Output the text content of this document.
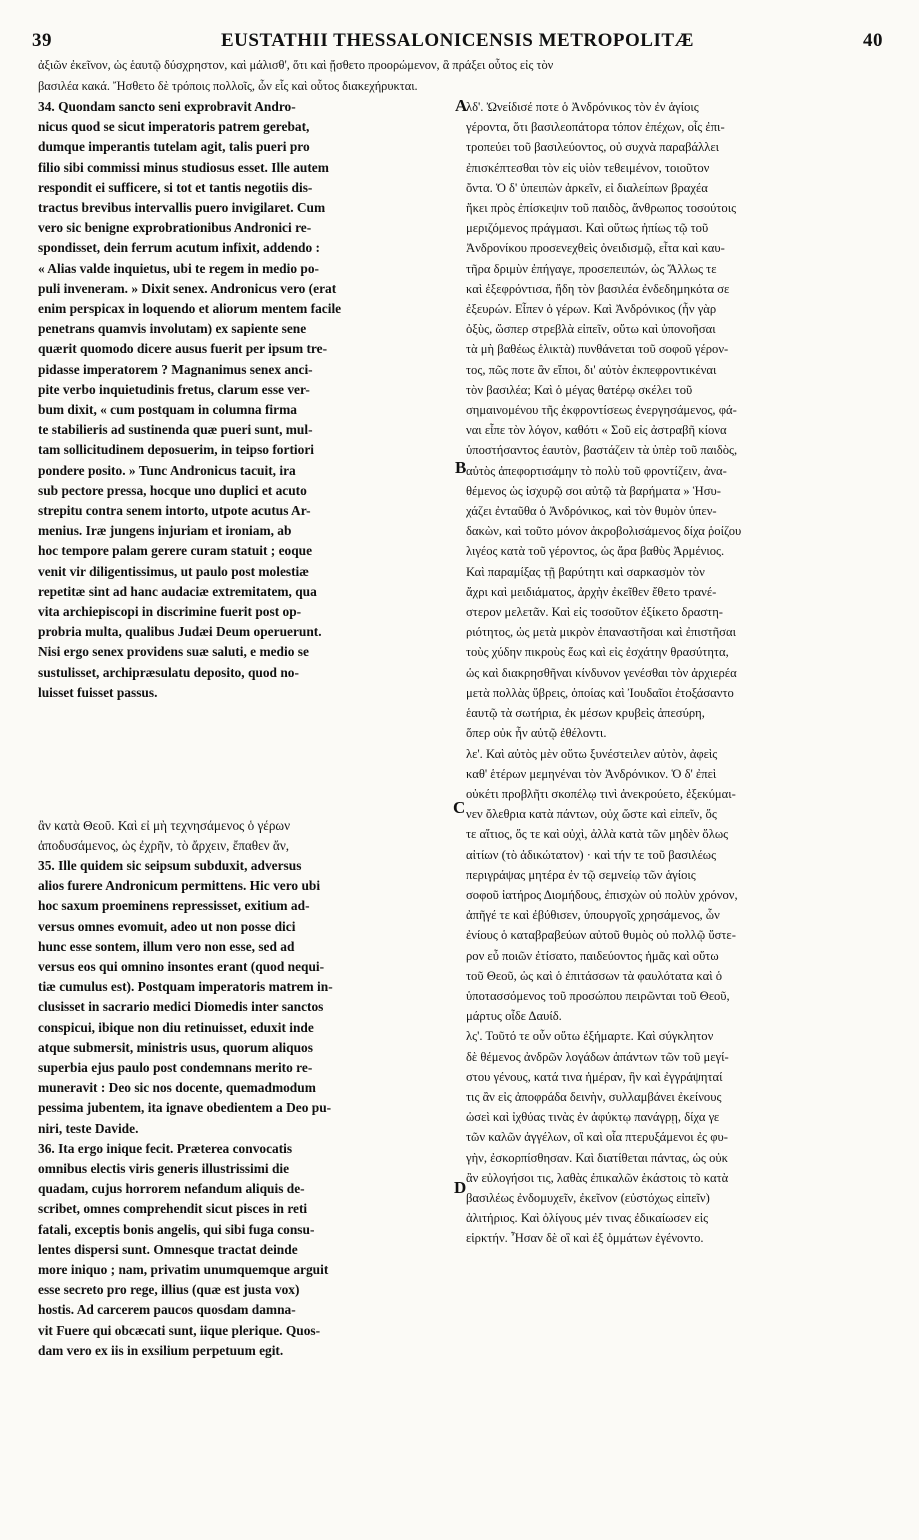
39	EUSTATHII THESSALONICENSIS METROPOLITÆ	40
ἀξιῶν ἐκεῖνον, ὡς ἑαυτῷ δύσχρηστον, καὶ μάλισθ', ὅτι καὶ ᾔσθετο προορώμενον, ἃ πράξει οὗτος εἰς τὸν
βασιλέα κακά. Ἤσθετο δὲ τρόποις πολλοῖς, ὧν εἷς καὶ οὗτος διακεχήρυκται.
A
B
C
D

34. Quondam sancto seni exprobravit Andro-

nicus quod se sicut imperatoris patrem gerebat,

dumque imperantis tutelam agit, talis pueri pro

filio sibi commissi minus studiosus esset. Ille autem

respondit ei sufficere, si tot et tantis negotiis dis-

tractus brevibus intervallis puero invigilaret. Cum

vero sic benigne exprobrationibus Andronici re-

spondisset, dein ferrum acutum infixit, addendo :

« Alias valde inquietus, ubi te regem in medio po-

puli inveneram. » Dixit senex. Andronicus vero (erat

enim perspicax in loquendo et aliorum mentem facile

penetrans quamvis involutam) ex sapiente sene

quærit quomodo dicere ausus fuerit per ipsum tre-

pidasse imperatorem ? Magnanimus senex anci-

pite verbo inquietudinis fretus, clarum esse ver-

bum dixit, « cum postquam in columna firma

te stabilieris ad sustinenda quæ pueri sunt, mul-

tam sollicitudinem deposuerim, in teipso fortiori

pondere posito. » Tunc Andronicus tacuit, ira

sub pectore pressa, hocque uno duplici et acuto

strepitu contra senem intorto, utpote acutus Ar-

menius. Iræ jungens injuriam et ironiam, ab

hoc tempore palam gerere curam statuit ; eoque

venit vir diligentissimus, ut paulo post molestiæ

repetitæ sint ad hanc audaciæ extremitatem, qua

vita archiepiscopi in discrimine fuerit post op-

probria multa, qualibus Judæi Deum operuerunt.

Nisi ergo senex providens suæ saluti, e medio se

sustulisset, archipræsulatu deposito, quod no-

luisset fuisset passus.

ἂν κατὰ Θεοῦ. Καὶ εἰ μὴ τεχνησάμενος ὁ γέρων

ἀποδυσάμενος, ὡς ἐχρῆν, τὸ ἄρχειν, ἔπαθεν ἄν,

35. Ille quidem sic seipsum subduxit, adversus

alios furere Andronicum permittens. Hic vero ubi

hoc saxum proeminens repressisset, exitium ad-

versus omnes evomuit, adeo ut non posse dici

hunc esse sontem, illum vero non esse, sed ad

versus eos qui omnino insontes erant (quod nequi-

tiæ cumulus est). Postquam imperatoris matrem in-

clusisset in sacrario medici Diomedis inter sanctos

conspicui, ibique non diu retinuisset, eduxit inde

atque submersit, ministris usus, quorum aliquos

superbia ejus paulo post condemnans merito re-

muneravit : Deo sic nos docente, quemadmodum

pessima jubentem, ita ignave obedientem a Deo pu-

niri, teste Davide.

36. Ita ergo inique fecit. Præterea convocatis

omnibus electis viris generis illustrissimi die

quadam, cujus horrorem nefandum aliquis de-

scribet, omnes comprehendit sicut pisces in reti

fatali, exceptis bonis angelis, qui sibi fuga consu-

lentes dispersi sunt. Omnesque tractat deinde

more iniquo ; nam, privatim unumquemque arguit

esse secreto pro rege, illius (quæ est justa vox)

hostis. Ad carcerem paucos quosdam damna-

vit Fuere qui obcæcati sunt, iique plerique. Quos-

dam vero ex iis in exsilium perpetuum egit.

λδ'. Ὠνείδισέ ποτε ὁ Ἀνδρόνικος τὸν ἐν ἁγίοις

γέροντα, ὅτι βασιλεοπάτορα τόπον ἐπέχων, οἷς ἐπι-

τροπεύει τοῦ βασιλεύοντος, οὐ συχνὰ παραβάλλει

ἐπισκέπτεσθαι τὸν εἰς υἱὸν τεθειμένον, τοιοῦτον

ὄντα. Ὁ δ' ὑπειπὼν ἀρκεῖν, εἰ διαλείπων βραχέα

ἥκει πρὸς ἐπίσκεψιν τοῦ παιδὸς, ἄνθρωπος τοσούτοις

μεριζόμενος πράγμασι. Καὶ οὕτως ἠπίως τῷ τοῦ

Ἀνδρονίκου προσενεχθεὶς ὀνειδισμῷ, εἶτα καὶ καυ-

τῆρα δριμὺν ἐπήγαγε, προσεπειπών, ὡς Ἄλλως τε

καὶ ἐξεφρόντισα, ἤδη τὸν βασιλέα ἐνδεδημηκότα σε

ἐξευρών. Εἶπεν ὁ γέρων. Καὶ Ἀνδρόνικος (ἦν γὰρ

ὀξὺς, ὥσπερ στρεβλὰ εἰπεῖν, οὕτω καὶ ὑπονοῆσαι

τὰ μὴ βαθέως ἑλικτὰ) πυνθάνεται τοῦ σοφοῦ γέρον-

τος, πῶς ποτε ἂν εἴποι, δι' αὐτὸν ἐκπεφροντικέναι

τὸν βασιλέα; Καὶ ὁ μέγας θατέρῳ σκέλει τοῦ

σημαινομένου τῆς ἐκφροντίσεως ἐνεργησάμενος, φά-

ναι εἶπε τὸν λόγον, καθότι « Σοῦ εἰς ἀστραβῆ κίονα

ὑποστήσαντος ἑαυτὸν, βαστάζειν τὰ ὑπὲρ τοῦ παιδὸς,

αὐτὸς ἀπεφορτισάμην τὸ πολὺ τοῦ φροντίζειν, ἀνα-

θέμενος ὡς ἰσχυρῷ σοι αὐτῷ τὰ βαρήματα » Ἡσυ-

χάζει ἐνταῦθα ὁ Ἀνδρόνικος, καὶ τὸν θυμὸν ὑπεν-

δακὼν, καὶ τοῦτο μόνον ἀκροβολισάμενος δίχα ῥοίζου

λιγέος κατὰ τοῦ γέροντος, ὡς ἄρα βαθὺς Ἀρμένιος.

Καὶ παραμίξας τῇ βαρύτητι καὶ σαρκασμὸν τὸν

ἄχρι καὶ μειδιάματος, ἀρχὴν ἐκεῖθεν ἔθετο τρανέ-

στερον μελετᾶν. Καὶ εἰς τοσοῦτον ἐξίκετο δραστη-

ριότητος, ὡς μετὰ μικρὸν ἐπαναστῆσαι καὶ ἐπιστῆσαι

τοὺς χύδην πικροὺς ἕως καὶ εἰς ἐσχάτην θρασύτητα,

ὡς καὶ διακρησθῆναι κίνδυνον γενέσθαι τὸν ἀρχιερέα

μετὰ πολλὰς ὕβρεις, ὁποίας καὶ Ἰουδαῖοι ἐτοξάσαντο

ἑαυτῷ τὰ σωτήρια, ἐκ μέσων κρυβεὶς ἀπεσύρη,

ὅπερ οὐκ ἦν αὐτῷ ἐθέλοντι.

λε'. Καὶ αὐτὸς μὲν οὕτω ξυνέστειλεν αὐτὸν, ἀφεὶς

καθ' ἑτέρων μεμηνέναι τὸν Ἀνδρόνικον. Ὁ δ' ἐπεὶ

οὐκέτι προβλῆτι σκοπέλῳ τινὶ ἀνεκρούετο, ἐξεκύμαι-

νεν ὄλεθρια κατὰ πάντων, οὐχ ὥστε καὶ εἰπεῖν, ὅς

τε αἴτιος, ὅς τε καὶ οὐχὶ, ἀλλὰ κατὰ τῶν μηδὲν ὅλως

αἰτίων (τὸ ἀδικώτατον) · καὶ τήν τε τοῦ βασιλέως

περιγράψας μητέρα ἐν τῷ σεμνείῳ τῶν ἁγίοις

σοφοῦ ἰατήρος Διομήδους, ἐπισχὼν οὐ πολὺν χρόνον,

ἀπῆγέ τε καὶ ἐβύθισεν, ὑπουργοῖς χρησάμενος, ὧν

ἐνίους ὁ καταβραβεύων αὐτοῦ θυμὸς οὐ πολλῷ ὕστε-

ρον εὖ ποιῶν ἐτίσατο, παιδεύοντος ἡμᾶς καὶ οὕτω

τοῦ Θεοῦ, ὡς καὶ ὁ ἐπιτάσσων τὰ φαυλότατα καὶ ὁ

ὑποτασσόμενος τοῦ προσώπου πειρῶνται τοῦ Θεοῦ,

μάρτυς οἶδε Δαυίδ.

λς'. Τοῦτό τε οὖν οὕτω ἐξήμαρτε. Καὶ σύγκλητον

δὲ θέμενος ἀνδρῶν λογάδων ἁπάντων τῶν τοῦ μεγί-

στου γένους, κατά τινα ἡμέραν, ἣν καὶ ἐγγράψηταί

τις ἂν εἰς ἀποφράδα δεινὴν, συλλαμβάνει ἐκείνους

ὡσεὶ καὶ ἰχθύας τινὰς ἐν ἀφύκτῳ πανάγρῃ, δίχα γε

τῶν καλῶν ἀγγέλων, οἳ καὶ οἷα πτερυξάμενοι ἐς φυ-

γὴν, ἐσκορπίσθησαν. Καὶ διατίθεται πάντας, ὡς οὐκ

ἂν εὐλογήσοι τις, λαθὰς ἐπικαλῶν ἑκάστοις τὸ κατὰ

βασιλέως ἐνδομυχεῖν, ἐκεῖνον (εὐστόχως εἰπεῖν)

ἀλιτήριος. Καὶ ὀλίγους μέν τινας ἐδικαίωσεν εἰς

εἱρκτήν. Ἦσαν δὲ οἳ καὶ ἐξ ὀμμάτων ἐγένοντο.
